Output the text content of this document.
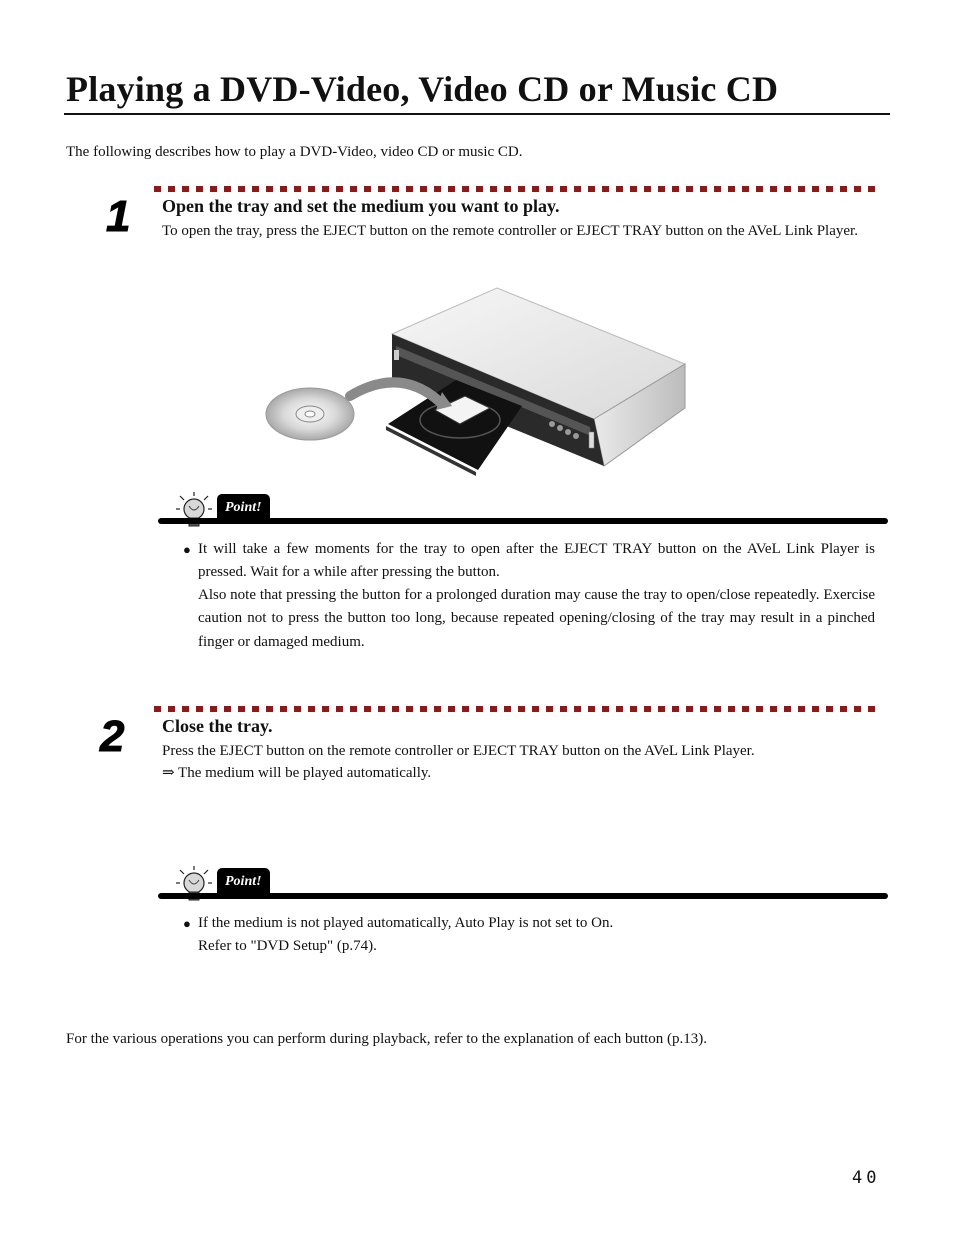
Playing a DVD-Video, Video CD or Music CD
The following describes how to play a DVD-Video, video CD or music CD.
1 Open the tray and set the medium you want to play.
To open the tray, press the EJECT button on the remote controller or EJECT TRAY button on the AVeL Link Player.
Point!
● It will take a few moments for the tray to open after the EJECT TRAY button on the AVeL Link Player is pressed. Wait for a while after pressing the button.
Also note that pressing the button for a prolonged duration may cause the tray to open/close repeatedly. Exercise caution not to press the button too long, because repeated opening/closing of the tray may result in a pinched finger or damaged medium.
2 Close the tray.
Press the EJECT button on the remote controller or EJECT TRAY button on the AVeL Link Player.
⇒ The medium will be played automatically.
Point!
● If the medium is not played automatically, Auto Play is not set to On.
Refer to "DVD Setup" (p.74).
For the various operations you can perform during playback, refer to the explanation of each button (p.13).
40
